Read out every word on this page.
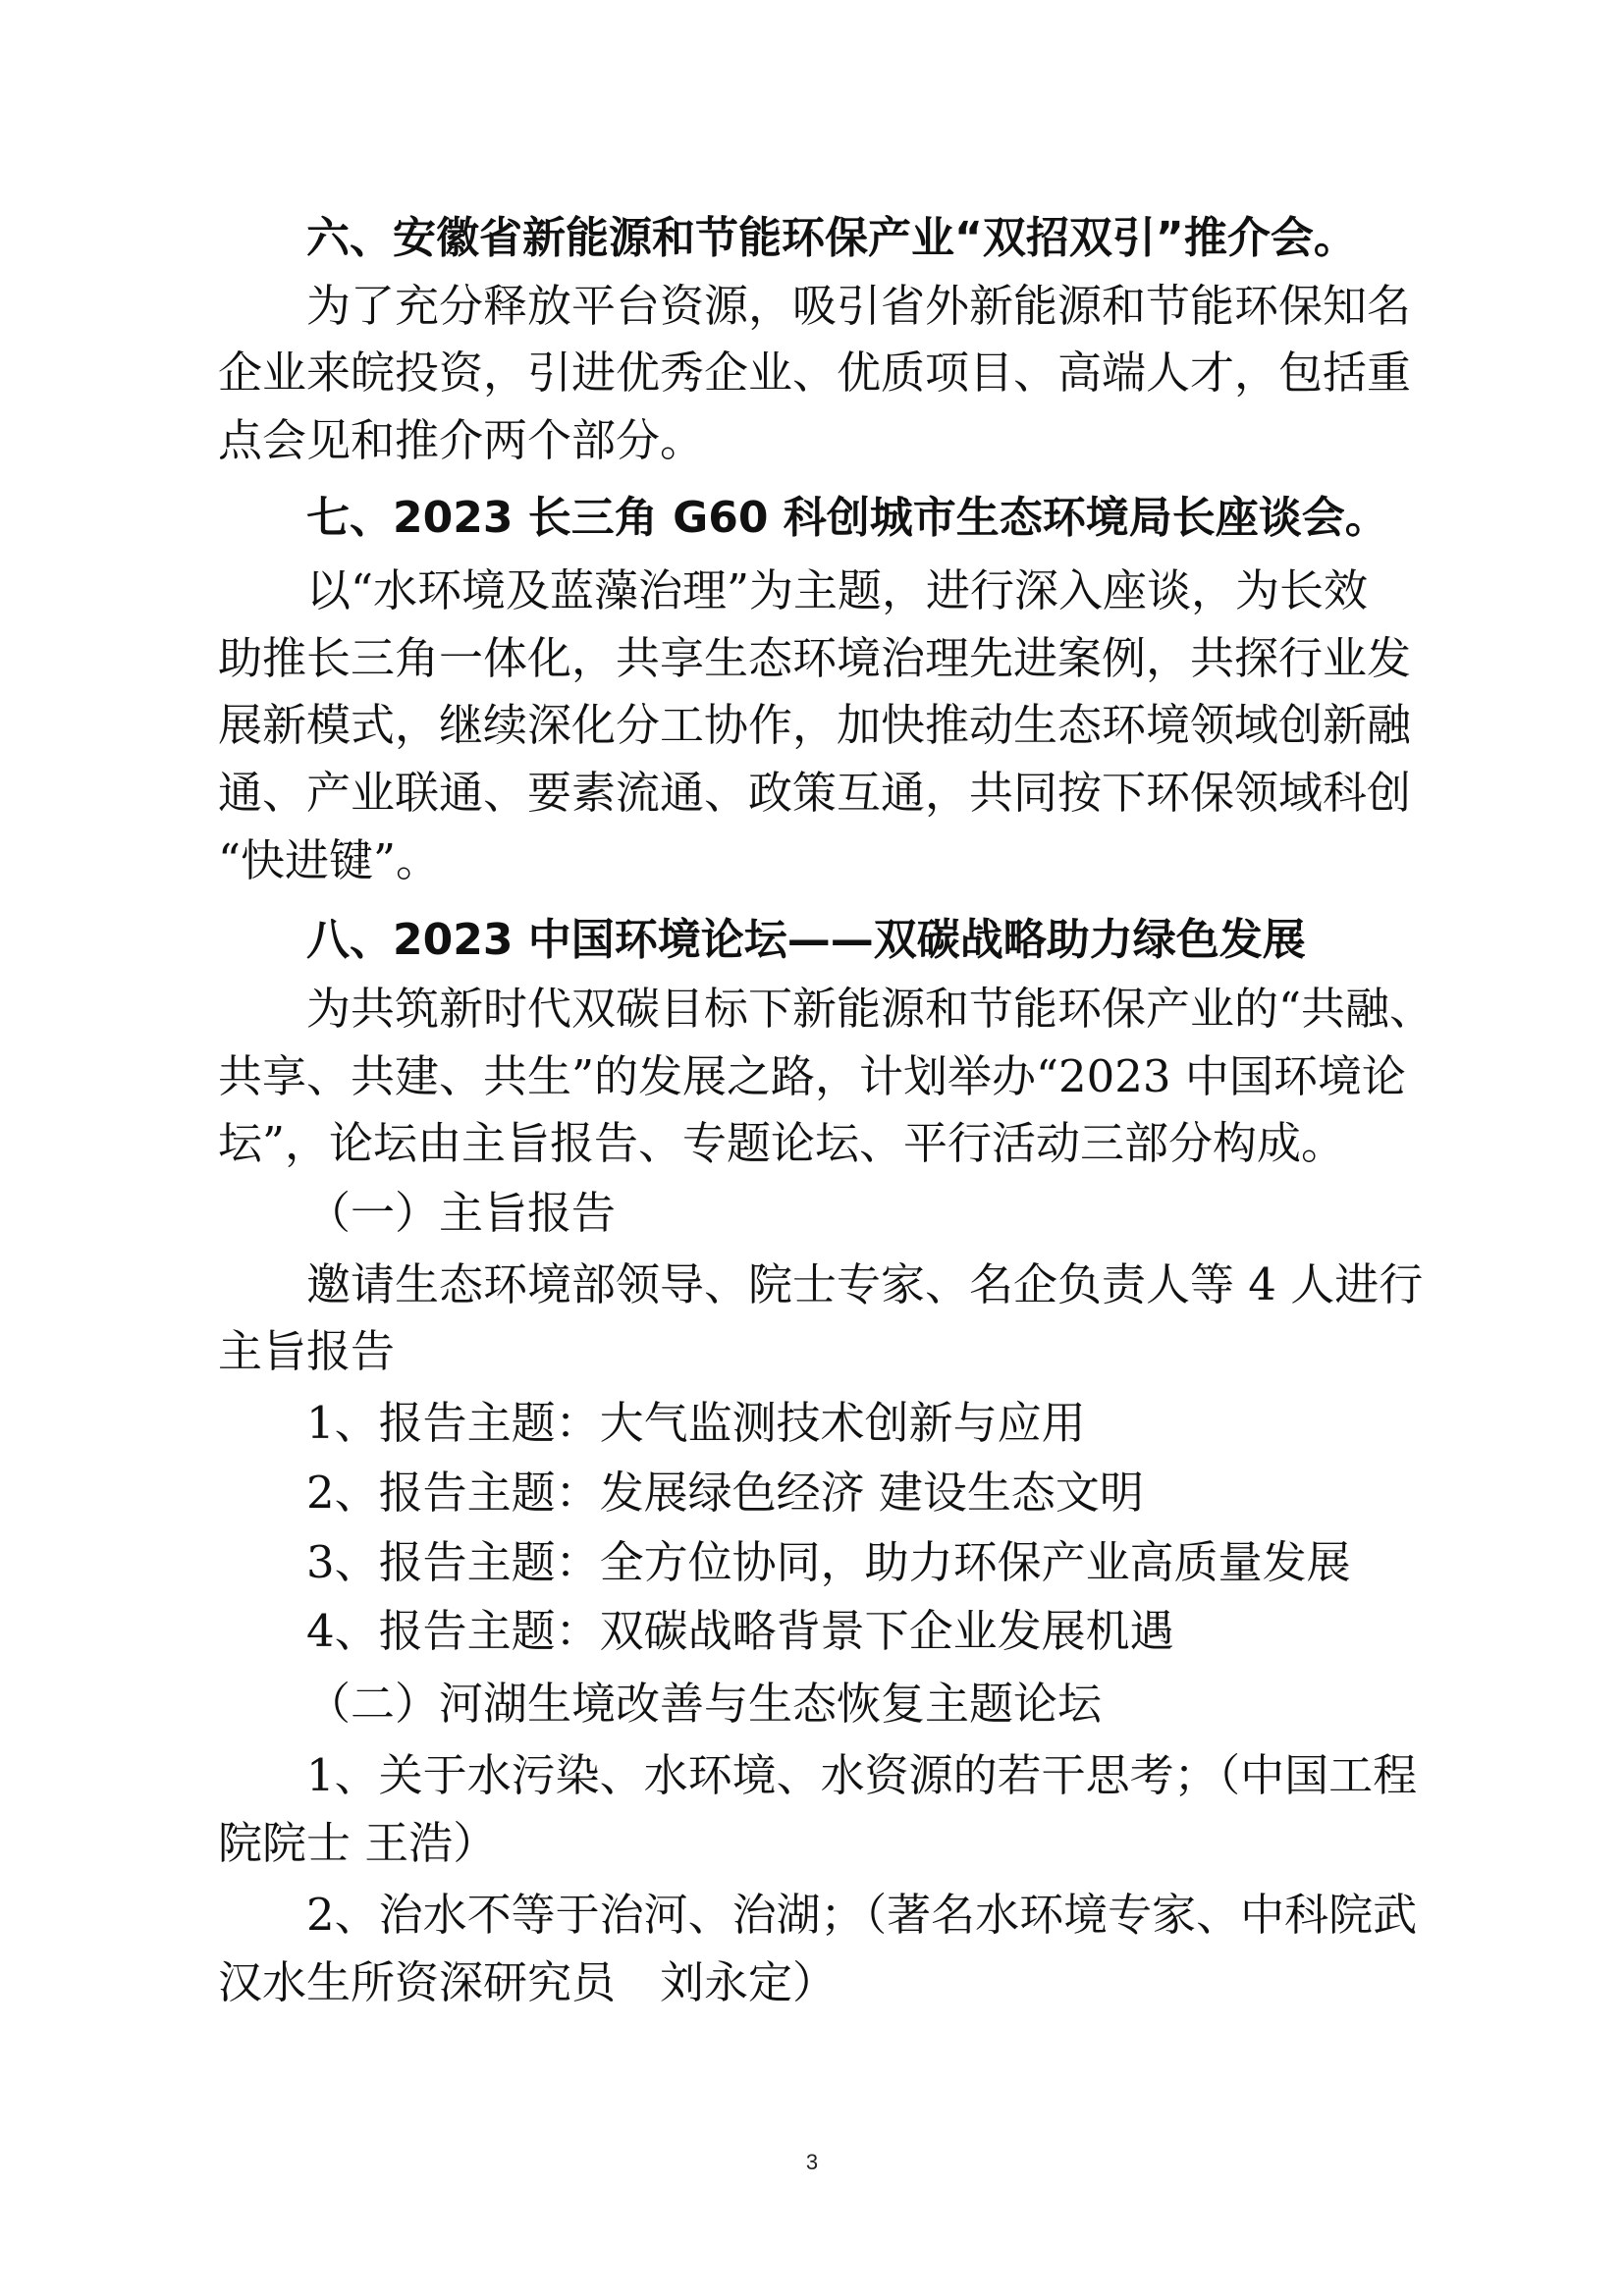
六、安徽省新能源和节能环保产业“双招双引”推介会。
为了充分释放平台资源，吸引省外新能源和节能环保知名
企业来皖投资，引进优秀企业、优质项目、高端人才，包括重
点会见和推介两个部分。
七、2023 长三角 G60 科创城市生态环境局长座谈会。
以“水环境及蓝藻治理”为主题，进行深入座谈，为长效
助推长三角一体化，共享生态环境治理先进案例，共探行业发
展新模式，继续深化分工协作，加快推动生态环境领域创新融
通、产业联通、要素流通、政策互通，共同按下环保领域科创
“快进键”。
八、2023 中国环境论坛——双碳战略助力绿色发展
为共筑新时代双碳目标下新能源和节能环保产业的“共融、
共享、共建、共生”的发展之路，计划举办“2023 中国环境论
坛”，论坛由主旨报告、专题论坛、平行活动三部分构成。
（一）主旨报告
邀请生态环境部领导、院士专家、名企负责人等 4 人进行
主旨报告
1、报告主题：大气监测技术创新与应用
2、报告主题：发展绿色经济 建设生态文明
3、报告主题：全方位协同，助力环保产业高质量发展
4、报告主题：双碳战略背景下企业发展机遇
（二）河湖生境改善与生态恢复主题论坛
1、关于水污染、水环境、水资源的若干思考；（中国工程
院院士 王浩）
2、治水不等于治河、治湖；（著名水环境专家、中科院武
汉水生所资深研究员　刘永定）
3
